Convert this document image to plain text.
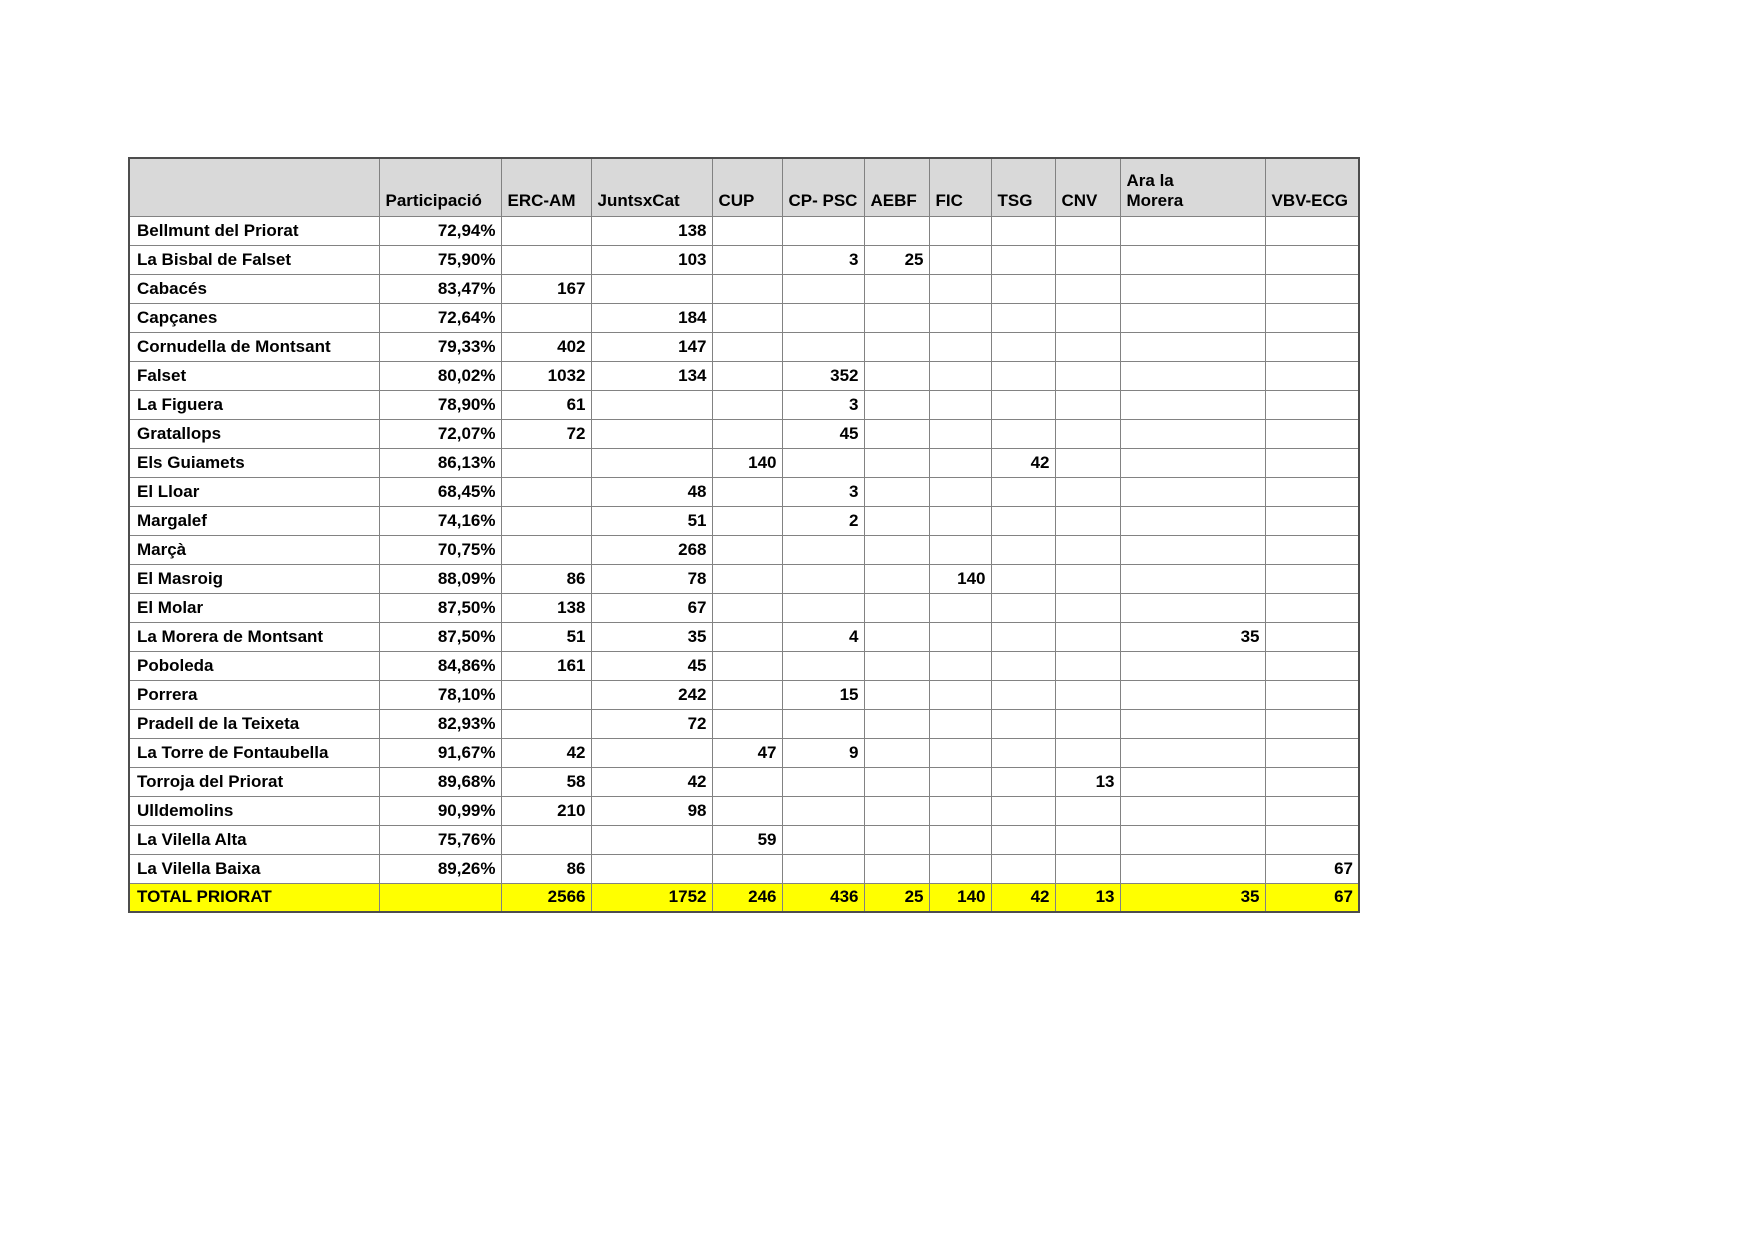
	Participació	ERC-AM	JuntsxCat	CUP	CP- PSC	AEBF	FIC	TSG	CNV	Ara la Morera	VBV-ECG
Bellmunt del Priorat	72,94%		138								
La Bisbal de Falset	75,90%		103		3	25					
Cabacés	83,47%	167									
Capçanes	72,64%		184								
Cornudella de Montsant	79,33%	402	147								
Falset	80,02%	1032	134		352						
La Figuera	78,90%	61			3						
Gratallops	72,07%	72			45						
Els Guiamets	86,13%			140				42			
El Lloar	68,45%		48		3						
Margalef	74,16%		51		2						
Marçà	70,75%		268								
El Masroig	88,09%	86	78				140				
El Molar	87,50%	138	67								
La Morera de Montsant	87,50%	51	35		4					35	
Poboleda	84,86%	161	45								
Porrera	78,10%		242		15						
Pradell de la Teixeta	82,93%		72								
La Torre de Fontaubella	91,67%	42		47	9						
Torroja del Priorat	89,68%	58	42						13		
Ulldemolins	90,99%	210	98								
La Vilella Alta	75,76%			59							
La Vilella Baixa	89,26%	86									67
TOTAL PRIORAT		2566	1752	246	436	25	140	42	13	35	67
